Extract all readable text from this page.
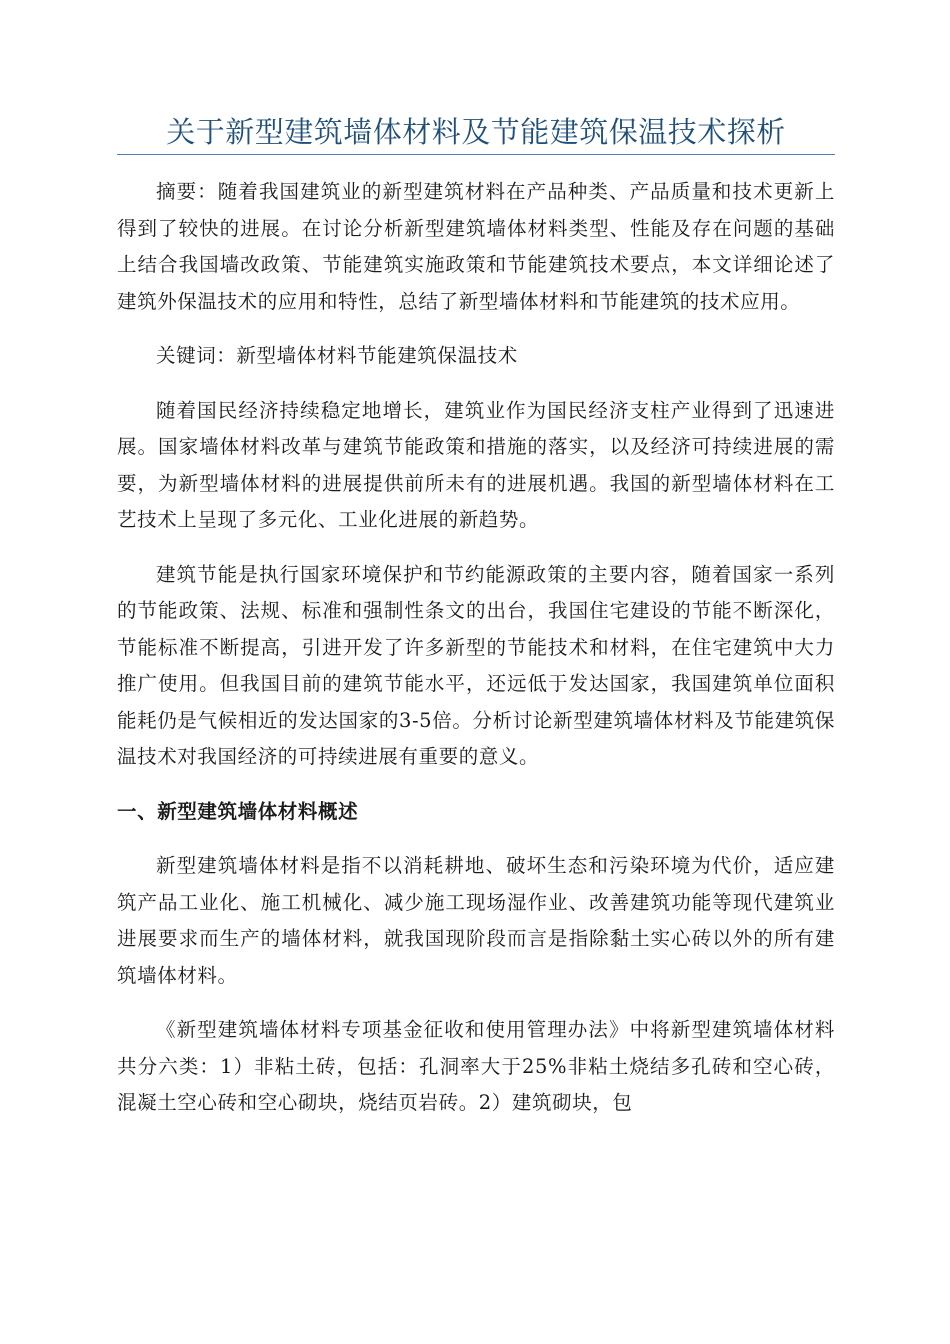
关于新型建筑墙体材料及节能建筑保温技术探析

摘要：随着我国建筑业的新型建筑材料在产品种类、产品质量和技术更新上得到了较快的进展。在讨论分析新型建筑墙体材料类型、性能及存在问题的基础上结合我国墙改政策、节能建筑实施政策和节能建筑技术要点，本文详细论述了建筑外保温技术的应用和特性，总结了新型墙体材料和节能建筑的技术应用。

关键词：新型墙体材料节能建筑保温技术

随着国民经济持续稳定地增长，建筑业作为国民经济支柱产业得到了迅速进展。国家墙体材料改革与建筑节能政策和措施的落实，以及经济可持续进展的需要，为新型墙体材料的进展提供前所未有的进展机遇。我国的新型墙体材料在工艺技术上呈现了多元化、工业化进展的新趋势。

建筑节能是执行国家环境保护和节约能源政策的主要内容，随着国家一系列的节能政策、法规、标准和强制性条文的出台，我国住宅建设的节能不断深化，节能标准不断提高，引进开发了许多新型的节能技术和材料，在住宅建筑中大力推广使用。但我国目前的建筑节能水平，还远低于发达国家，我国建筑单位面积能耗仍是气候相近的发达国家的3-5倍。分析讨论新型建筑墙体材料及节能建筑保温技术对我国经济的可持续进展有重要的意义。

一、新型建筑墙体材料概述

新型建筑墙体材料是指不以消耗耕地、破坏生态和污染环境为代价，适应建筑产品工业化、施工机械化、减少施工现场湿作业、改善建筑功能等现代建筑业进展要求而生产的墙体材料，就我国现阶段而言是指除黏土实心砖以外的所有建筑墙体材料。

《新型建筑墙体材料专项基金征收和使用管理办法》中将新型建筑墙体材料共分六类：1）非粘土砖，包括：孔洞率大于25%非粘土烧结多孔砖和空心砖，混凝土空心砖和空心砌块，烧结页岩砖。2）建筑砌块，包
